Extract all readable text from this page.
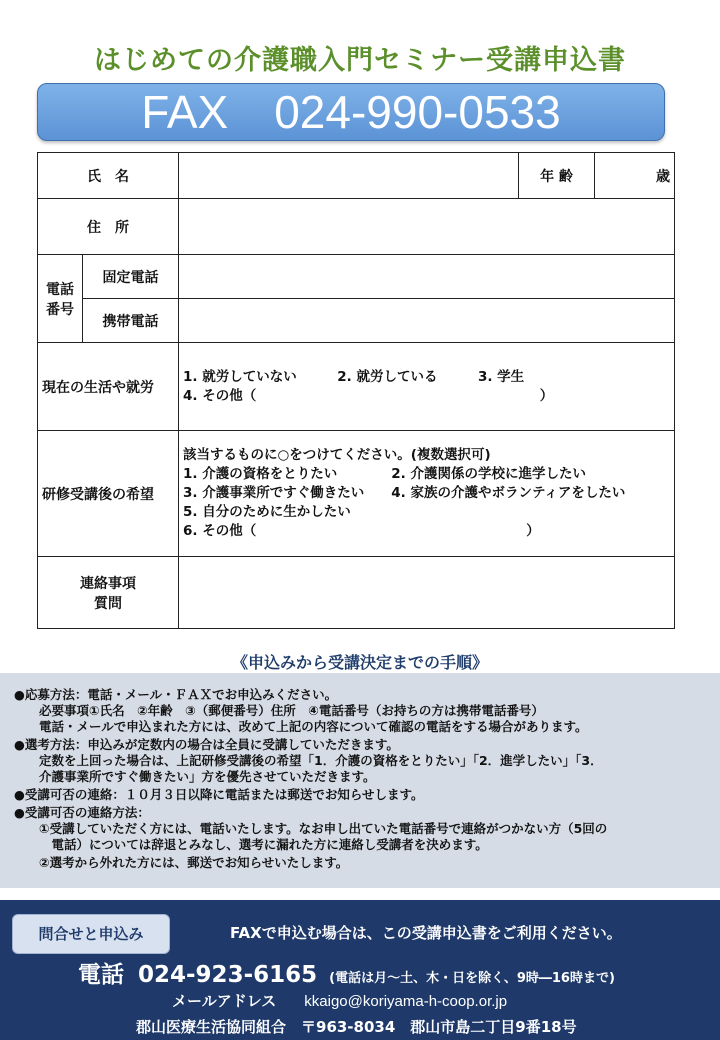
はじめての介護職入門セミナー受講申込書
FAX　024-990-0533
氏　名			年 齢	歳
住　所				

電話
番号	固定電話			
	携帯電話			
現在の生活や就労		1. 就労していない　　　2. 就労している　　　3. 学生
4. その他（　　　　　　　　　　　　　　　　　　　　　）		

研修受講後の希望		該当するものに○をつけてください。(複数選択可)
1. 介護の資格をとりたい　　　　2. 介護関係の学校に進学したい
3. 介護事業所ですぐ働きたい　　4. 家族の介護やボランティアをしたい
5. 自分のために生かしたい
6. その他（　　　　　　　　　　　　　　　　　　　　）		

連絡事項
質問				

《申込みから受講決定までの手順》
●応募方法：電話・メール・ＦＡＸでお申込みください。
　　必要事項①氏名　②年齢　③（郵便番号）住所　④電話番号（お持ちの方は携帯電話番号）
　　電話・メールで申込まれた方には、改めて上記の内容について確認の電話をする場合があります。
●選考方法：申込みが定数内の場合は全員に受講していただきます。
　　定数を上回った場合は、上記研修受講後の希望「1．介護の資格をとりたい」「2．進学したい」「3．
　　介護事業所ですぐ働きたい」方を優先させていただきます。
●受講可否の連絡：１０月３日以降に電話または郵送でお知らせします。
●受講可否の連絡方法：
　　①受講していただく方には、電話いたします。なお申し出ていた電話番号で連絡がつかない方（5回の
　　　電話）については辞退とみなし、選考に漏れた方に連絡し受講者を決めます。
　　②選考から外れた方には、郵送でお知らせいたします。
問合せと申込み	FAXで申込む場合は、この受講申込書をご利用ください。
電話 024-923-6165 (電話は月～土、木・日を除く、9時―16時まで)
メールアドレス kkaigo@koriyama-h-coop.or.jp
郡山医療生活協同組合　〒963-8034　郡山市島二丁目9番18号
